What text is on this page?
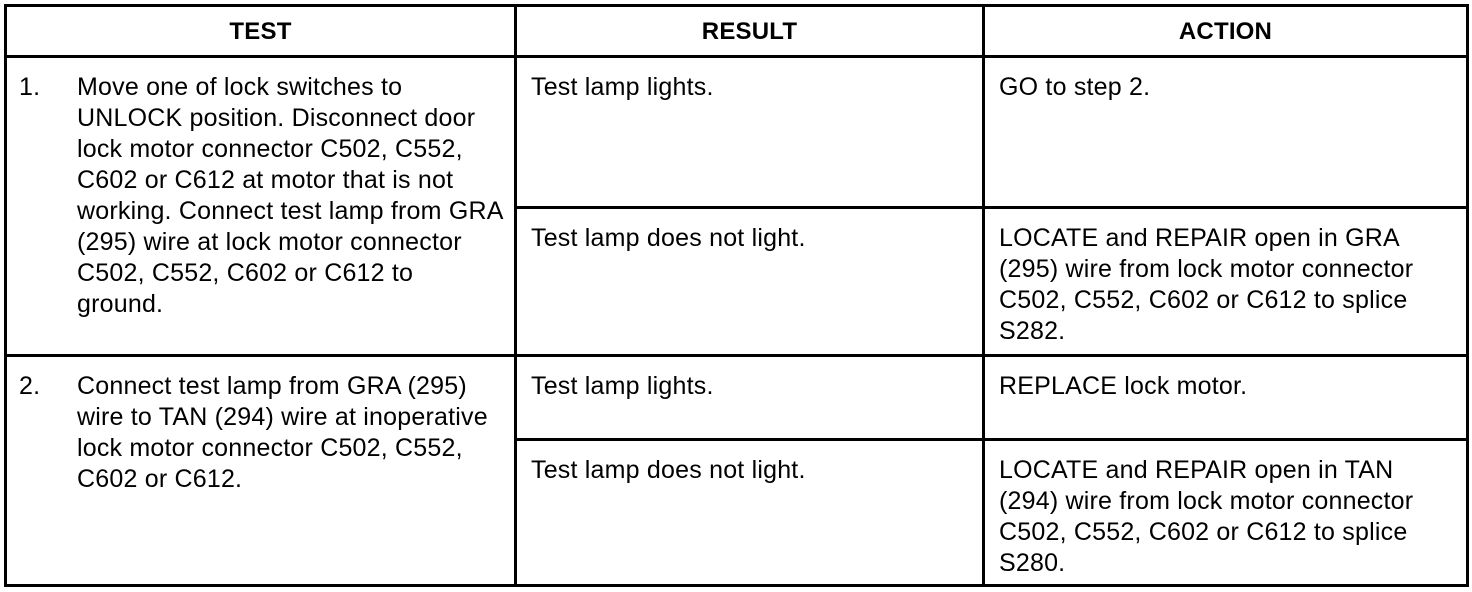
TEST	RESULT	ACTION

1. Move one of lock switches to UNLOCK position. Disconnect door lock motor connector C502, C552, C602 or C612 at motor that is not working. Connect test lamp from GRA (295) wire at lock motor connector C502, C552, C602 or C612 to ground.	Test lamp lights.	GO to step 2.
	Test lamp does not light.	LOCATE and REPAIR open in GRA (295) wire from lock motor connector C502, C552, C602 or C612 to splice S282.

2. Connect test lamp from GRA (295) wire to TAN (294) wire at inoperative lock motor connector C502, C552, C602 or C612.	Test lamp lights.	REPLACE lock motor.
	Test lamp does not light.	LOCATE and REPAIR open in TAN (294) wire from lock motor connector C502, C552, C602 or C612 to splice S280.
